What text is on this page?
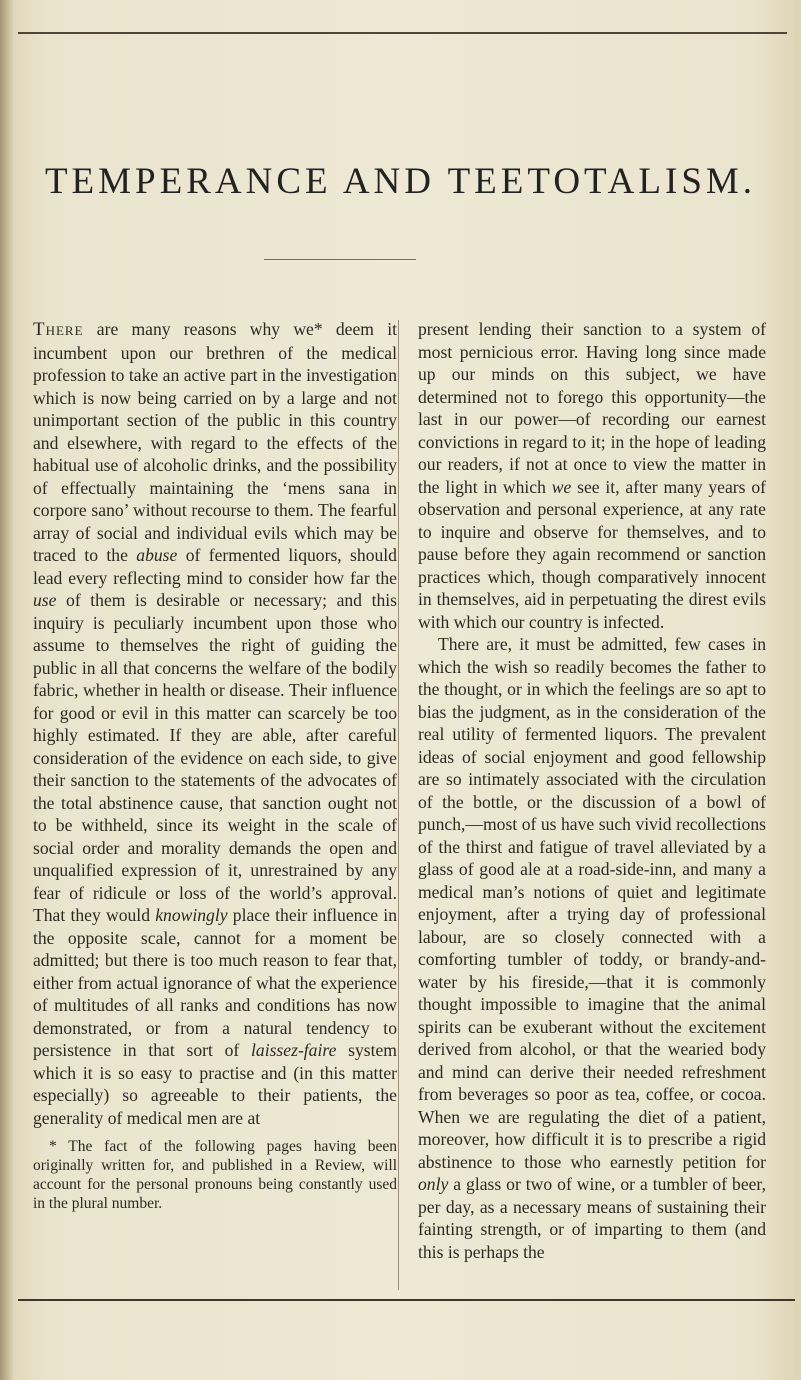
TEMPERANCE AND TEETOTALISM.

There are many reasons why we* deem it incumbent upon our brethren of the medical profession to take an active part in the investigation which is now being carried on by a large and not unimportant section of the public in this country and elsewhere, with regard to the effects of the habitual use of alcoholic drinks, and the possibility of effectually maintaining the ‘mens sana in corpore sano’ without recourse to them. The fearful array of social and individual evils which may be traced to the abuse of fermented liquors, should lead every reflecting mind to consider how far the use of them is desirable or necessary; and this inquiry is peculiarly incumbent upon those who assume to themselves the right of guiding the public in all that concerns the welfare of the bodily fabric, whether in health or disease. Their influence for good or evil in this matter can scarcely be too highly estimated. If they are able, after careful consideration of the evidence on each side, to give their sanction to the statements of the advocates of the total abstinence cause, that sanction ought not to be withheld, since its weight in the scale of social order and morality demands the open and unqualified expression of it, unrestrained by any fear of ridicule or loss of the world’s approval. That they would knowingly place their influence in the opposite scale, cannot for a moment be admitted; but there is too much reason to fear that, either from actual ignorance of what the experience of multitudes of all ranks and conditions has now demonstrated, or from a natural tendency to persistence in that sort of laissez-faire system which it is so easy to practise and (in this matter especially) so agreeable to their patients, the generality of medical men are at

* The fact of the following pages having been originally written for, and published in a Review, will account for the personal pronouns being constantly used in the plural number.

present lending their sanction to a system of most pernicious error. Having long since made up our minds on this subject, we have determined not to forego this opportunity—the last in our power—of recording our earnest convictions in regard to it; in the hope of leading our readers, if not at once to view the matter in the light in which we see it, after many years of observation and personal experience, at any rate to inquire and observe for themselves, and to pause before they again recommend or sanction practices which, though comparatively innocent in themselves, aid in perpetuating the direst evils with which our country is infected.

There are, it must be admitted, few cases in which the wish so readily becomes the father to the thought, or in which the feelings are so apt to bias the judgment, as in the consideration of the real utility of fermented liquors. The prevalent ideas of social enjoyment and good fellowship are so intimately associated with the circulation of the bottle, or the discussion of a bowl of punch,—most of us have such vivid recollections of the thirst and fatigue of travel alleviated by a glass of good ale at a road-side-inn, and many a medical man’s notions of quiet and legitimate enjoyment, after a trying day of professional labour, are so closely connected with a comforting tumbler of toddy, or brandy-and-water by his fireside,—that it is commonly thought impossible to imagine that the animal spirits can be exuberant without the excitement derived from alcohol, or that the wearied body and mind can derive their needed refreshment from beverages so poor as tea, coffee, or cocoa. When we are regulating the diet of a patient, moreover, how difficult it is to prescribe a rigid abstinence to those who earnestly petition for only a glass or two of wine, or a tumbler of beer, per day, as a necessary means of sustaining their fainting strength, or of imparting to them (and this is perhaps the
